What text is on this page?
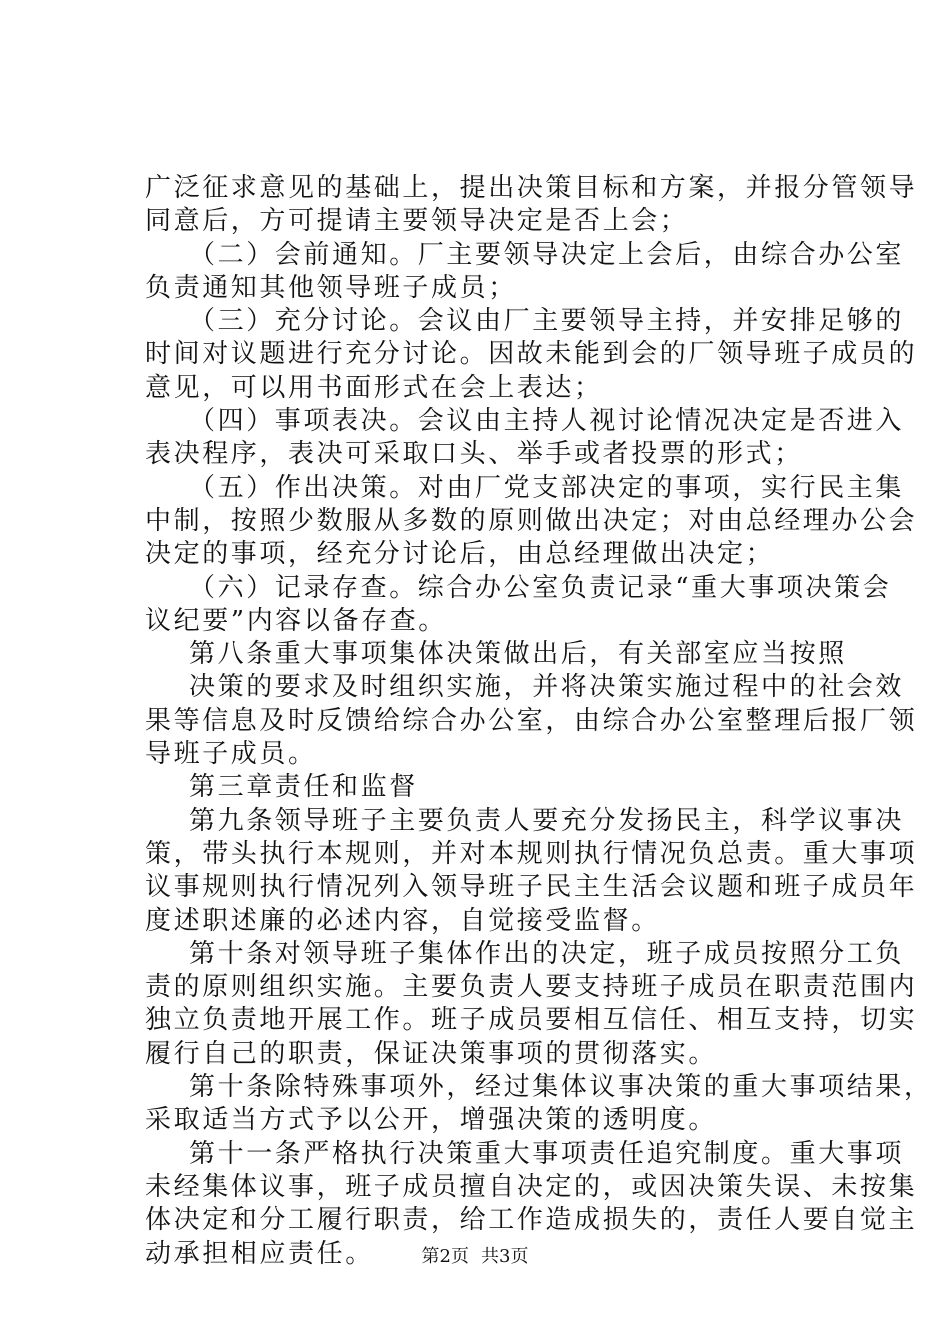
广泛征求意见的基础上，提出决策目标和方案，并报分管领导
同意后，方可提请主要领导决定是否上会；
（二）会前通知。厂主要领导决定上会后，由综合办公室
负责通知其他领导班子成员；
（三）充分讨论。会议由厂主要领导主持，并安排足够的
时间对议题进行充分讨论。因故未能到会的厂领导班子成员的
意见，可以用书面形式在会上表达；
（四）事项表决。会议由主持人视讨论情况决定是否进入
表决程序，表决可采取口头、举手或者投票的形式；
（五）作出决策。对由厂党支部决定的事项，实行民主集
中制，按照少数服从多数的原则做出决定；对由总经理办公会
决定的事项，经充分讨论后，由总经理做出决定；
（六）记录存查。综合办公室负责记录“重大事项决策会
议纪要”内容以备存查。
第八条重大事项集体决策做出后，有关部室应当按照
决策的要求及时组织实施，并将决策实施过程中的社会效
果等信息及时反馈给综合办公室，由综合办公室整理后报厂领
导班子成员。
第三章责任和监督
第九条领导班子主要负责人要充分发扬民主，科学议事决
策，带头执行本规则，并对本规则执行情况负总责。重大事项
议事规则执行情况列入领导班子民主生活会议题和班子成员年
度述职述廉的必述内容，自觉接受监督。
第十条对领导班子集体作出的决定，班子成员按照分工负
责的原则组织实施。主要负责人要支持班子成员在职责范围内
独立负责地开展工作。班子成员要相互信任、相互支持，切实
履行自己的职责，保证决策事项的贯彻落实。
第十条除特殊事项外，经过集体议事决策的重大事项结果，
采取适当方式予以公开，增强决策的透明度。
第十一条严格执行决策重大事项责任追究制度。重大事项
未经集体议事，班子成员擅自决定的，或因决策失误、未按集
体决定和分工履行职责，给工作造成损失的，责任人要自觉主
动承担相应责任。	第2页 共3页
